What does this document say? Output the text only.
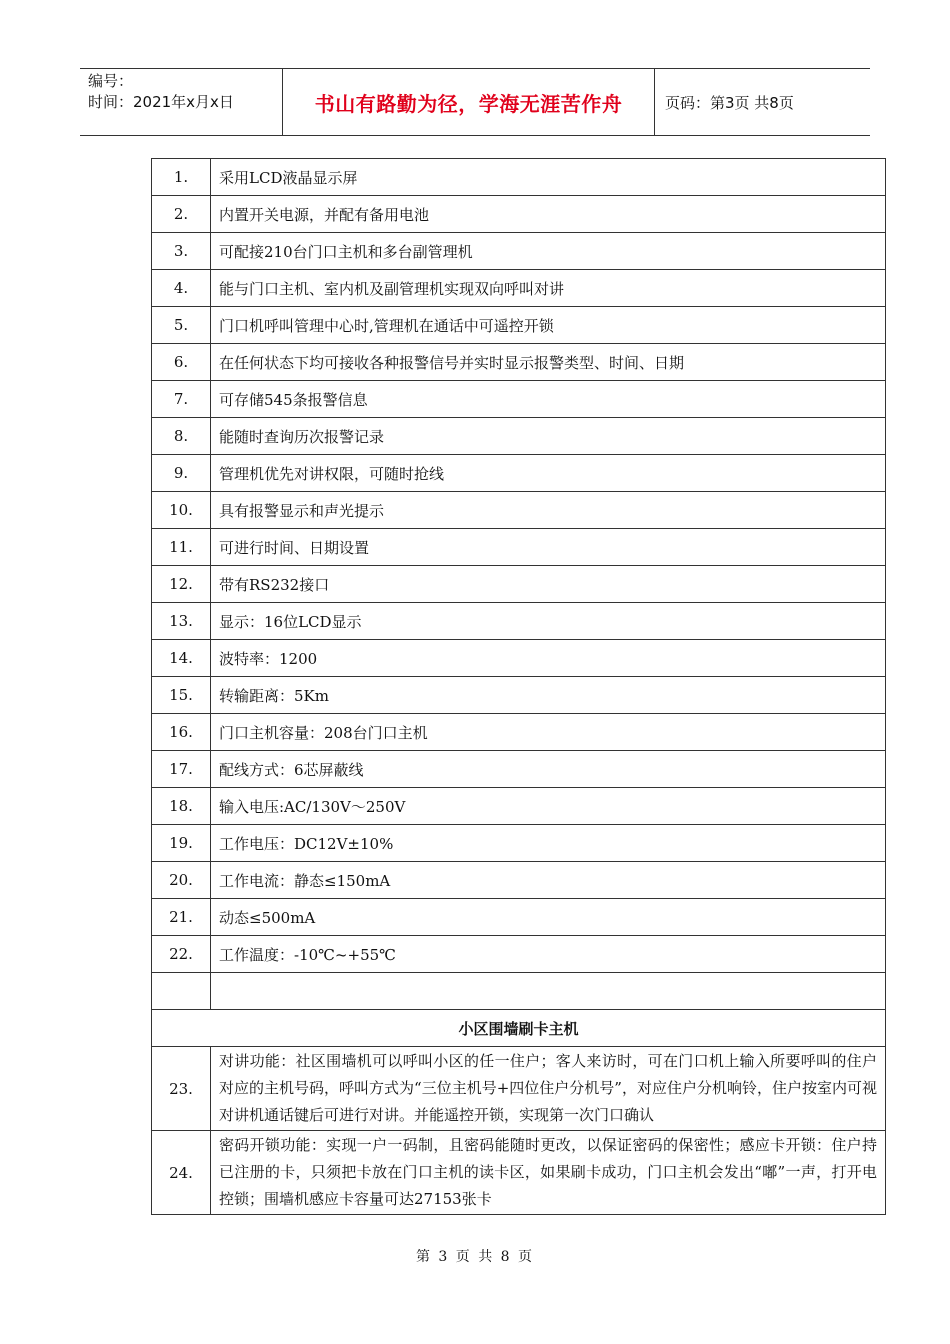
编号：
时间：2021年x月x日	书山有路勤为径，学海无涯苦作舟	页码：第3页 共8页
1.	采用LCD液晶显示屏
2.	内置开关电源，并配有备用电池
3.	可配接210台门口主机和多台副管理机
4.	能与门口主机、室内机及副管理机实现双向呼叫对讲
5.	门口机呼叫管理中心时,管理机在通话中可遥控开锁
6.	在任何状态下均可接收各种报警信号并实时显示报警类型、时间、日期
7.	可存储545条报警信息
8.	能随时查询历次报警记录
9.	管理机优先对讲权限，可随时抢线
10.	具有报警显示和声光提示
11.	可进行时间、日期设置
12.	带有RS232接口
13.	显示：16位LCD显示
14.	波特率：1200
15.	转输距离：5Km
16.	门口主机容量：208台门口主机
17.	配线方式：6芯屏蔽线
18.	输入电压:AC/130V～250V
19.	工作电压：DC12V±10%
20.	工作电流：静态≤150mA
21.	动态≤500mA
22.	工作温度：-10℃~+55℃

小区围墙刷卡主机	
23.	对讲功能：社区围墙机可以呼叫小区的任一住户；客人来访时，可在门口机上输入所要呼叫的住户对应的主机号码，呼叫方式为“三位主机号+四位住户分机号”，对应住户分机响铃，住户按室内可视对讲机通话键后可进行对讲。并能遥控开锁，实现第一次门口确认
24.	密码开锁功能：实现一户一码制，且密码能随时更改，以保证密码的保密性；感应卡开锁：住户持已注册的卡，只须把卡放在门口主机的读卡区，如果刷卡成功，门口主机会发出“嘟”一声，打开电控锁；围墙机感应卡容量可达27153张卡
第 3 页 共 8 页
